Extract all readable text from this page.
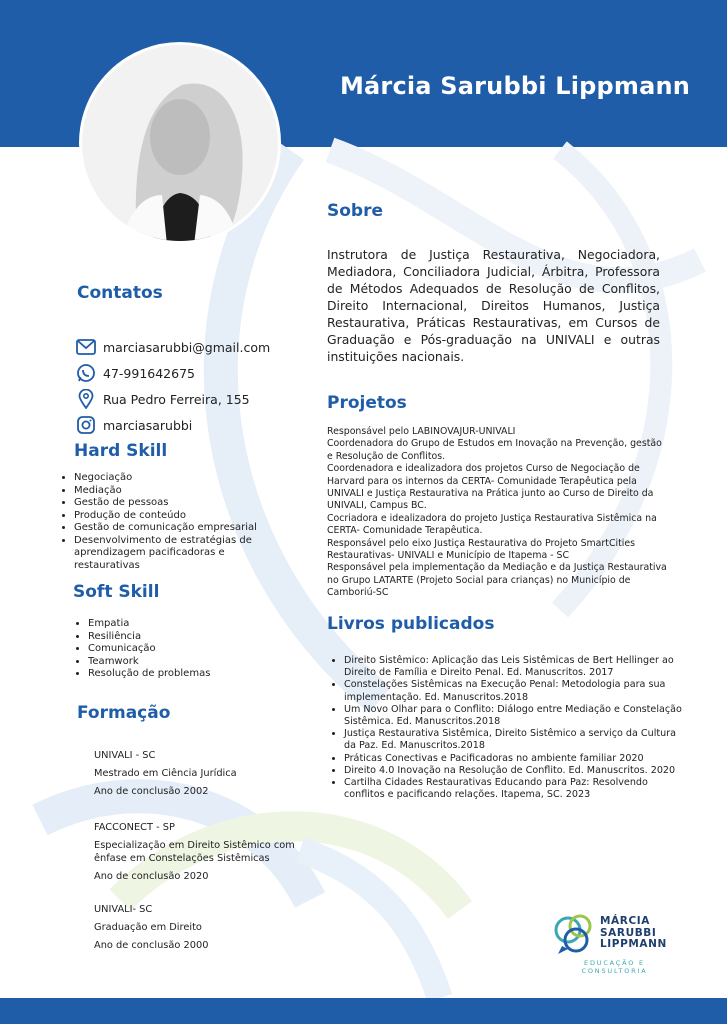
Márcia Sarubbi Lippmann
Sobre
Instrutora de Justiça Restaurativa, Negociadora, Mediadora, Conciliadora Judicial, Árbitra, Professora de Métodos Adequados de Resolução de Conflitos, Direito Internacional, Direitos Humanos, Justiça Restaurativa, Práticas Restaurativas, em Cursos de Graduação e Pós-graduação na UNIVALI e outras instituições nacionais.
Contatos
marciasarubbi@gmail.com
47-991642675
Rua Pedro Ferreira, 155
marciasarubbi
Hard Skill
• Negociação
• Mediação
• Gestão de pessoas
• Produção de conteúdo
• Gestão de comunicação empresarial
• Desenvolvimento de estratégias de aprendizagem pacificadoras e restaurativas
Soft Skill
• Empatia
• Resiliência
• Comunicação
• Teamwork
• Resolução de problemas
Formação

UNIVALI - SC

Mestrado em Ciência Jurídica

Ano de conclusão 2002

FACCONECT - SP

Especialização em Direito Sistêmico com ênfase em Constelações Sistêmicas

Ano de conclusão 2020

UNIVALI- SC

Graduação em Direito

Ano de conclusão 2000

Projetos

Responsável pelo LABINOVAJUR-UNIVALI

Coordenadora do Grupo de Estudos em Inovação na Prevenção, gestão e Resolução de Conflitos.

Coordenadora e idealizadora dos projetos Curso de Negociação de Harvard para os internos da CERTA- Comunidade Terapêutica pela UNIVALI e Justiça Restaurativa na Prática junto ao Curso de Direito da UNIVALI, Campus BC.

Cocriadora e idealizadora do projeto Justiça Restaurativa Sistêmica na CERTA- Comunidade Terapêutica.

Responsável pelo eixo Justiça Restaurativa do Projeto SmartCities Restaurativas- UNIVALI e Município de Itapema - SC

Responsável pela implementação da Mediação e da Justiça Restaurativa no Grupo LATARTE (Projeto Social para crianças) no Município de Camboriú-SC

Livros publicados
• Direito Sistêmico: Aplicação das Leis Sistêmicas de Bert Hellinger ao Direito de Família e Direito Penal. Ed. Manuscritos. 2017
• Constelações Sistêmicas na Execução Penal: Metodologia para sua implementação. Ed. Manuscritos.2018
• Um Novo Olhar para o Conflito: Diálogo entre Mediação e Constelação Sistêmica. Ed. Manuscritos.2018
• Justiça Restaurativa Sistêmica, Direito Sistêmico a serviço da Cultura da Paz. Ed. Manuscritos.2018
• Práticas Conectivas e Pacificadoras no ambiente familiar 2020
• Direito 4.0 Inovação na Resolução de Conflito. Ed. Manuscritos. 2020
• Cartilha Cidades Restaurativas Educando para Paz: Resolvendo conflitos e pacificando relações. Itapema, SC. 2023
MÁRCIA
SARUBBI
LIPPMANN
EDUCAÇÃO E CONSULTORIA
